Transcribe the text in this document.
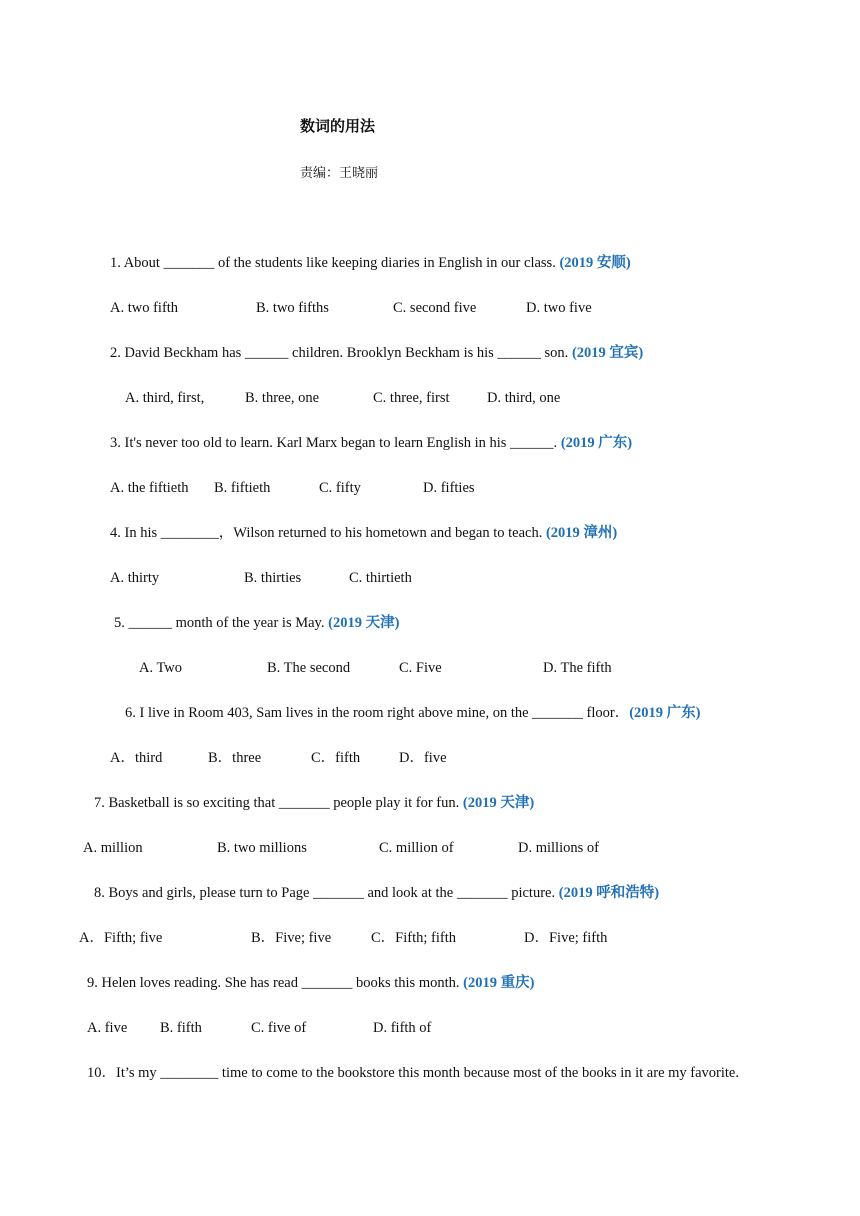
数词的用法
责编：王晓丽
1. About _______ of the students like keeping diaries in English in our class. (2019 安顺)
A. two fifth	B. two fifths	C. second five	D. two five
2. David Beckham has ______ children. Brooklyn Beckham is his ______ son. (2019 宜宾)
A. third, first,	B. three, one	C. three, first	D. third, one
3. It's never too old to learn. Karl Marx began to learn English in his ______. (2019 广东)
A. the fiftieth B. fiftieth	C. fifty	D. fifties
4. In his ________，Wilson returned to his hometown and began to teach. (2019 漳州)
A. thirty	B. thirties	C. thirtieth
5. ______ month of the year is May. (2019 天津)
A. Two	B. The second	C. Five	D. The fifth
6. I live in Room 403, Sam lives in the room right above mine, on the _______ floor．(2019 广东)
A．third	B．three	C．fifth	D．five
7. Basketball is so exciting that _______ people play it for fun. (2019 天津)
A. million	B. two millions	C. million of	D. millions of
8. Boys and girls, please turn to Page _______ and look at the _______ picture. (2019 呼和浩特)
A．Fifth; five	B．Five; five	C．Fifth; fifth	D．Five; fifth
9. Helen loves reading. She has read _______ books this month. (2019 重庆)
A. five B. fifth	C. five of	D. fifth of
10．It’s my ________ time to come to the bookstore this month because most of the books in it are my favorite.
